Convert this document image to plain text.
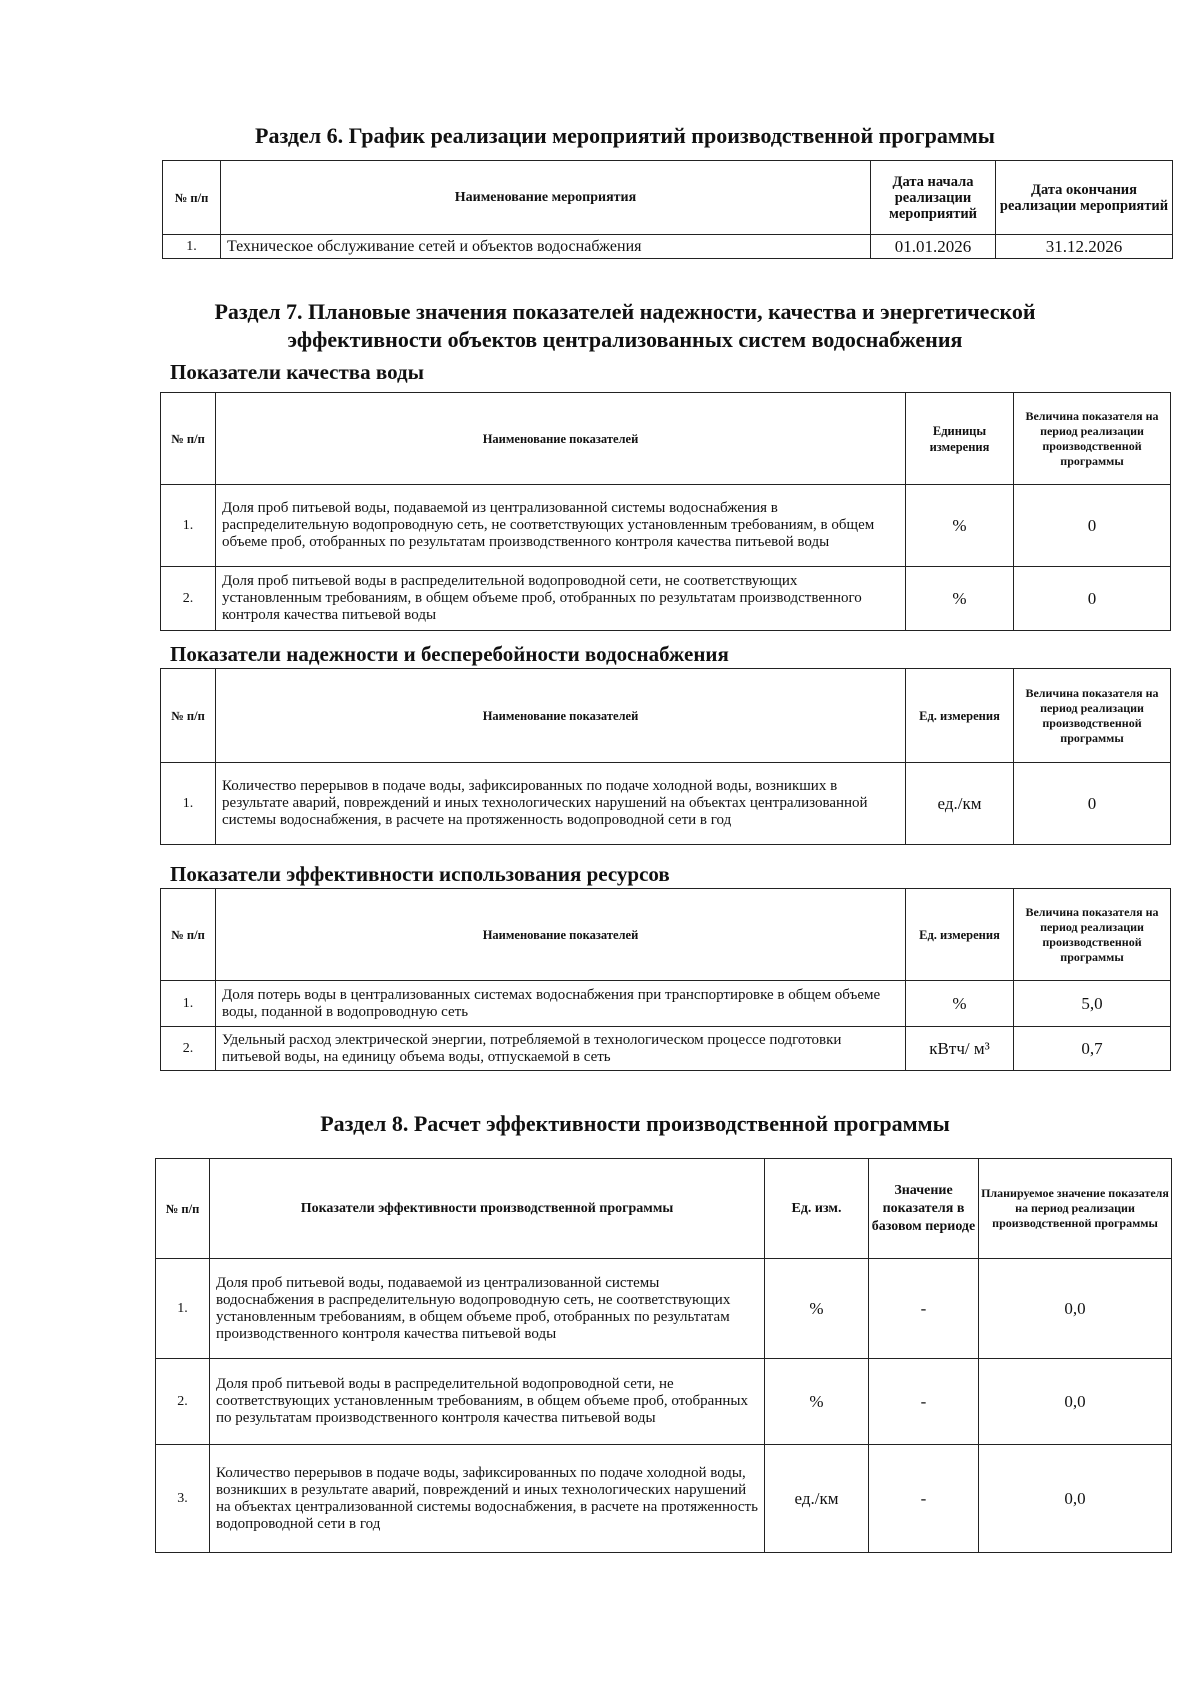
Раздел 6. График реализации мероприятий производственной программы
№ п/п	Наименование мероприятия	Дата начала реализации мероприятий	Дата окончания реализации мероприятий
1.	Техническое обслуживание сетей и объектов водоснабжения	01.01.2026	31.12.2026
Раздел 7. Плановые значения показателей надежности, качества и энергетической
эффективности объектов централизованных систем водоснабжения
Показатели качества воды
№ п/п	Наименование показателей	Единицы измерения	Величина показателя на период реализации производственной программы
1.	Доля проб питьевой воды, подаваемой из централизованной системы водоснабжения в распределительную водопроводную сеть, не соответствующих установленным требованиям, в общем объеме проб, отобранных по результатам производственного контроля качества питьевой воды	%	0
2.	Доля проб питьевой воды в распределительной водопроводной сети, не соответствующих установленным требованиям, в общем объеме проб, отобранных по результатам производственного контроля качества питьевой воды	%	0
Показатели надежности и бесперебойности водоснабжения
№ п/п	Наименование показателей	Ед. измерения	Величина показателя на период реализации производственной программы
1.	Количество перерывов в подаче воды, зафиксированных по подаче холодной воды, возникших в результате аварий, повреждений и иных технологических нарушений на объектах централизованной системы водоснабжения, в расчете на протяженность водопроводной сети в год	ед./км	0
Показатели эффективности использования ресурсов
№ п/п	Наименование показателей	Ед. измерения	Величина показателя на период реализации производственной программы
1.	Доля потерь воды в централизованных системах водоснабжения при транспортировке в общем объеме воды, поданной в водопроводную сеть	%	5,0
2.	Удельный расход электрической энергии, потребляемой в технологическом процессе подготовки питьевой воды, на единицу объема воды, отпускаемой в сеть	кВтч/ м³	0,7
Раздел 8. Расчет эффективности производственной программы
№ п/п	Показатели эффективности производственной программы	Ед. изм.	Значение показателя в базовом периоде	Планируемое значение показателя на период реализации производственной программы
1.	Доля проб питьевой воды, подаваемой из централизованной системы водоснабжения в распределительную водопроводную сеть, не соответствующих установленным требованиям, в общем объеме проб, отобранных по результатам производственного контроля качества питьевой воды	%	-	0,0
2.	Доля проб питьевой воды в распределительной водопроводной сети, не соответствующих установленным требованиям, в общем объеме проб, отобранных по результатам производственного контроля качества питьевой воды	%	-	0,0
3.	Количество перерывов в подаче воды, зафиксированных по подаче холодной воды, возникших в результате аварий, повреждений и иных технологических нарушений на объектах централизованной системы водоснабжения, в расчете на протяженность водопроводной сети в год	ед./км	-	0,0
